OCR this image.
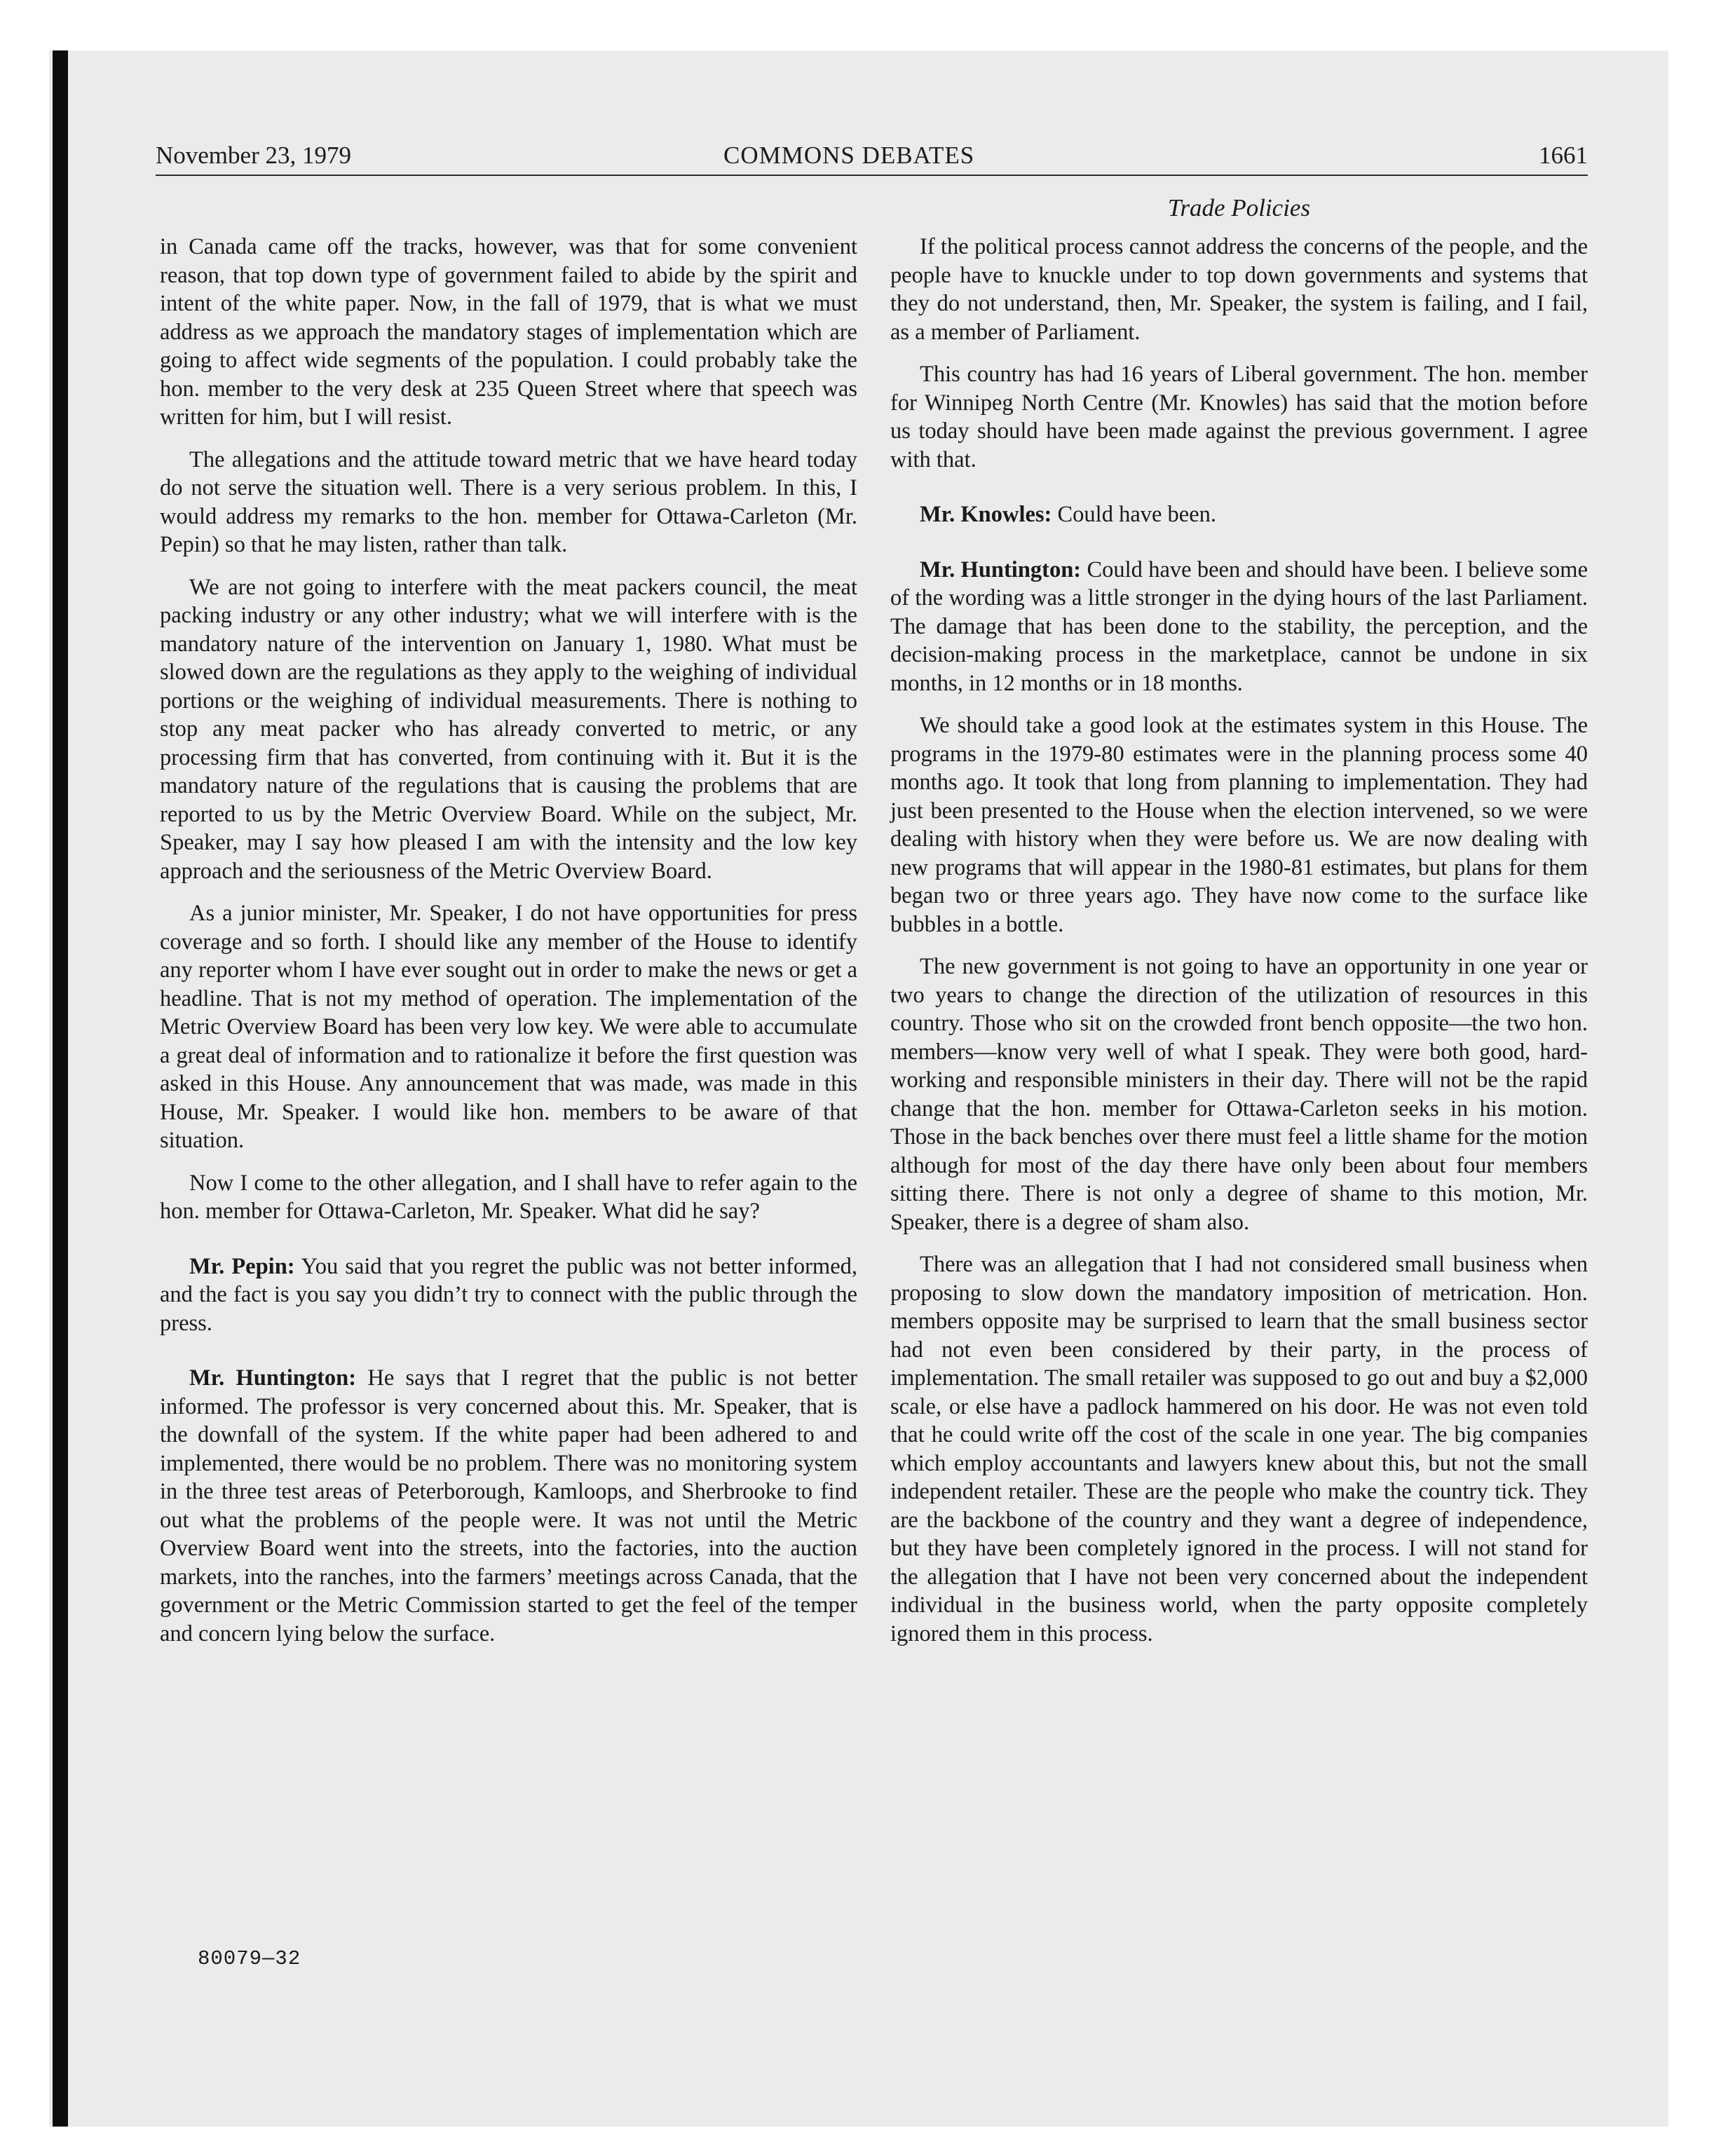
November 23, 1979	COMMONS DEBATES	1661
Trade Policies

in Canada came off the tracks, however, was that for some convenient reason, that top down type of government failed to abide by the spirit and intent of the white paper. Now, in the fall of 1979, that is what we must address as we approach the mandatory stages of implementation which are going to affect wide segments of the population. I could probably take the hon. member to the very desk at 235 Queen Street where that speech was written for him, but I will resist.

The allegations and the attitude toward metric that we have heard today do not serve the situation well. There is a very serious problem. In this, I would address my remarks to the hon. member for Ottawa-Carleton (Mr. Pepin) so that he may listen, rather than talk.

We are not going to interfere with the meat packers council, the meat packing industry or any other industry; what we will interfere with is the mandatory nature of the intervention on January 1, 1980. What must be slowed down are the regulations as they apply to the weighing of individual portions or the weighing of individual measurements. There is nothing to stop any meat packer who has already converted to metric, or any processing firm that has converted, from continuing with it. But it is the mandatory nature of the regulations that is causing the problems that are reported to us by the Metric Overview Board. While on the subject, Mr. Speaker, may I say how pleased I am with the intensity and the low key approach and the seriousness of the Metric Overview Board.

As a junior minister, Mr. Speaker, I do not have opportunities for press coverage and so forth. I should like any member of the House to identify any reporter whom I have ever sought out in order to make the news or get a headline. That is not my method of operation. The implementation of the Metric Overview Board has been very low key. We were able to accumulate a great deal of information and to rationalize it before the first question was asked in this House. Any announcement that was made, was made in this House, Mr. Speaker. I would like hon. members to be aware of that situation.

Now I come to the other allegation, and I shall have to refer again to the hon. member for Ottawa-Carleton, Mr. Speaker. What did he say?

Mr. Pepin: You said that you regret the public was not better informed, and the fact is you say you didn’t try to connect with the public through the press.

Mr. Huntington: He says that I regret that the public is not better informed. The professor is very concerned about this. Mr. Speaker, that is the downfall of the system. If the white paper had been adhered to and implemented, there would be no problem. There was no monitoring system in the three test areas of Peterborough, Kamloops, and Sherbrooke to find out what the problems of the people were. It was not until the Metric Overview Board went into the streets, into the factories, into the auction markets, into the ranches, into the farmers’ meetings across Canada, that the government or the Metric Commission started to get the feel of the temper and concern lying below the surface.

If the political process cannot address the concerns of the people, and the people have to knuckle under to top down governments and systems that they do not understand, then, Mr. Speaker, the system is failing, and I fail, as a member of Parliament.

This country has had 16 years of Liberal government. The hon. member for Winnipeg North Centre (Mr. Knowles) has said that the motion before us today should have been made against the previous government. I agree with that.

Mr. Knowles: Could have been.

Mr. Huntington: Could have been and should have been. I believe some of the wording was a little stronger in the dying hours of the last Parliament. The damage that has been done to the stability, the perception, and the decision-making process in the marketplace, cannot be undone in six months, in 12 months or in 18 months.

We should take a good look at the estimates system in this House. The programs in the 1979-80 estimates were in the planning process some 40 months ago. It took that long from planning to implementation. They had just been presented to the House when the election intervened, so we were dealing with history when they were before us. We are now dealing with new programs that will appear in the 1980-81 estimates, but plans for them began two or three years ago. They have now come to the surface like bubbles in a bottle.

The new government is not going to have an opportunity in one year or two years to change the direction of the utilization of resources in this country. Those who sit on the crowded front bench opposite—the two hon. members—know very well of what I speak. They were both good, hard-working and responsible ministers in their day. There will not be the rapid change that the hon. member for Ottawa-Carleton seeks in his motion. Those in the back benches over there must feel a little shame for the motion although for most of the day there have only been about four members sitting there. There is not only a degree of shame to this motion, Mr. Speaker, there is a degree of sham also.

There was an allegation that I had not considered small business when proposing to slow down the mandatory imposition of metrication. Hon. members opposite may be surprised to learn that the small business sector had not even been considered by their party, in the process of implementation. The small retailer was supposed to go out and buy a $2,000 scale, or else have a padlock hammered on his door. He was not even told that he could write off the cost of the scale in one year. The big companies which employ accountants and lawyers knew about this, but not the small independent retailer. These are the people who make the country tick. They are the backbone of the country and they want a degree of independence, but they have been completely ignored in the process. I will not stand for the allegation that I have not been very concerned about the independent individual in the business world, when the party opposite completely ignored them in this process.

80079—32
